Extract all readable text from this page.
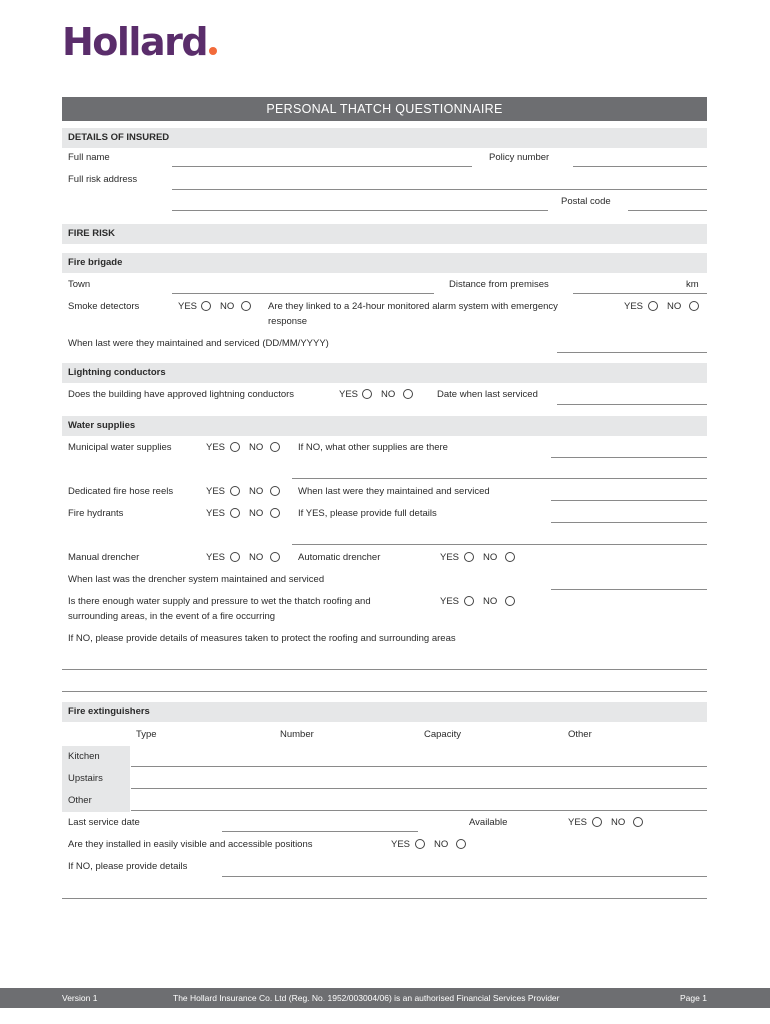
Hollard
PERSONAL THATCH QUESTIONNAIRE
DETAILS OF INSURED
Full name	Policy number
Full risk address
Postal code
FIRE RISK
Fire brigade
Town	Distance from premises	km
Smoke detectors	YES NO	Are they linked to a 24-hour monitored alarm system with emergency
response
YES	NO
When last were they maintained and serviced (DD/MM/YYYY)
Lightning conductors
Does the building have approved lightning conductors	YES NO	Date when last serviced
Water supplies
Municipal water supplies	YES	NO	If NO, what other supplies are there
Dedicated fire hose reels	YES	NO	When last were they maintained and serviced
Fire hydrants	YES	NO	If YES, please provide full details
Manual drencher	YES	NO	Automatic drencher	YES	NO
When last was the drencher system maintained and serviced
Is there enough water supply and pressure to wet the thatch roofing and
surrounding areas, in the event of a fire occurring
YES	NO
If NO, please provide details of measures taken to protect the roofing and surrounding areas
Fire extinguishers
Type	Number	Capacity	Other
Kitchen
Upstairs
Other
Last service date	Available	YES	NO
Are they installed in easily visible and accessible positions	YES	NO
If NO, please provide details
Version 1	The Hollard Insurance Co. Ltd (Reg. No. 1952/003004/06) is an authorised Financial Services Provider	Page 1
